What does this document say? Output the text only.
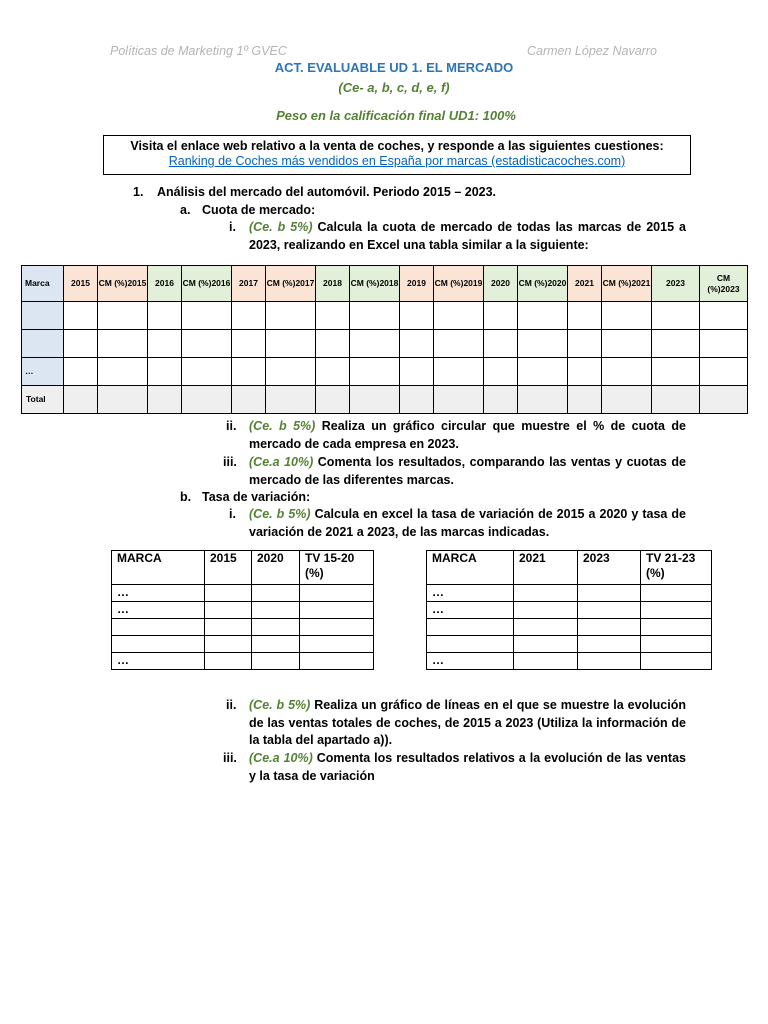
Políticas de Marketing 1º GVEC	Carmen López Navarro
ACT. EVALUABLE UD 1. EL MERCADO
(Ce- a, b, c, d, e, f)
Peso en la calificación final UD1: 100%
Visita el enlace web relativo a la venta de coches, y responde a las siguientes cuestiones:
Ranking de Coches más vendidos en España por marcas (estadisticacoches.com)
1. Análisis del mercado del automóvil. Periodo 2015 – 2023.
a. Cuota de mercado:
i. (Ce. b 5%) Calcula la cuota de mercado de todas las marcas de 2015 a 2023, realizando en Excel una tabla similar a la siguiente:
Marca	2015	CM (%)2015	2016	CM (%)2016	2017	CM (%)2017	2018	CM (%)2018	2019	CM (%)2019	2020	CM (%)2020	2021	CM (%)2021	2023	CM (%)2023

…																
Total																
ii. (Ce. b 5%) Realiza un gráfico circular que muestre el % de cuota de mercado de cada empresa en 2023.
iii. (Ce.a 10%) Comenta los resultados, comparando las ventas y cuotas de mercado de las diferentes marcas.
b. Tasa de variación:
i. (Ce. b 5%) Calcula en excel la tasa de variación de 2015 a 2020 y tasa de variación de 2021 a 2023, de las marcas indicadas.
MARCA	2015	2020	TV 15-20 (%)
…			
…			

…			
MARCA	2021	2023	TV 21-23 (%)
…			
…			

…			
ii. (Ce. b 5%) Realiza un gráfico de líneas en el que se muestre la evolución de las ventas totales de coches, de 2015 a 2023 (Utiliza la información de la tabla del apartado a)).
iii. (Ce.a 10%) Comenta los resultados relativos a la evolución de las ventas y la tasa de variación
